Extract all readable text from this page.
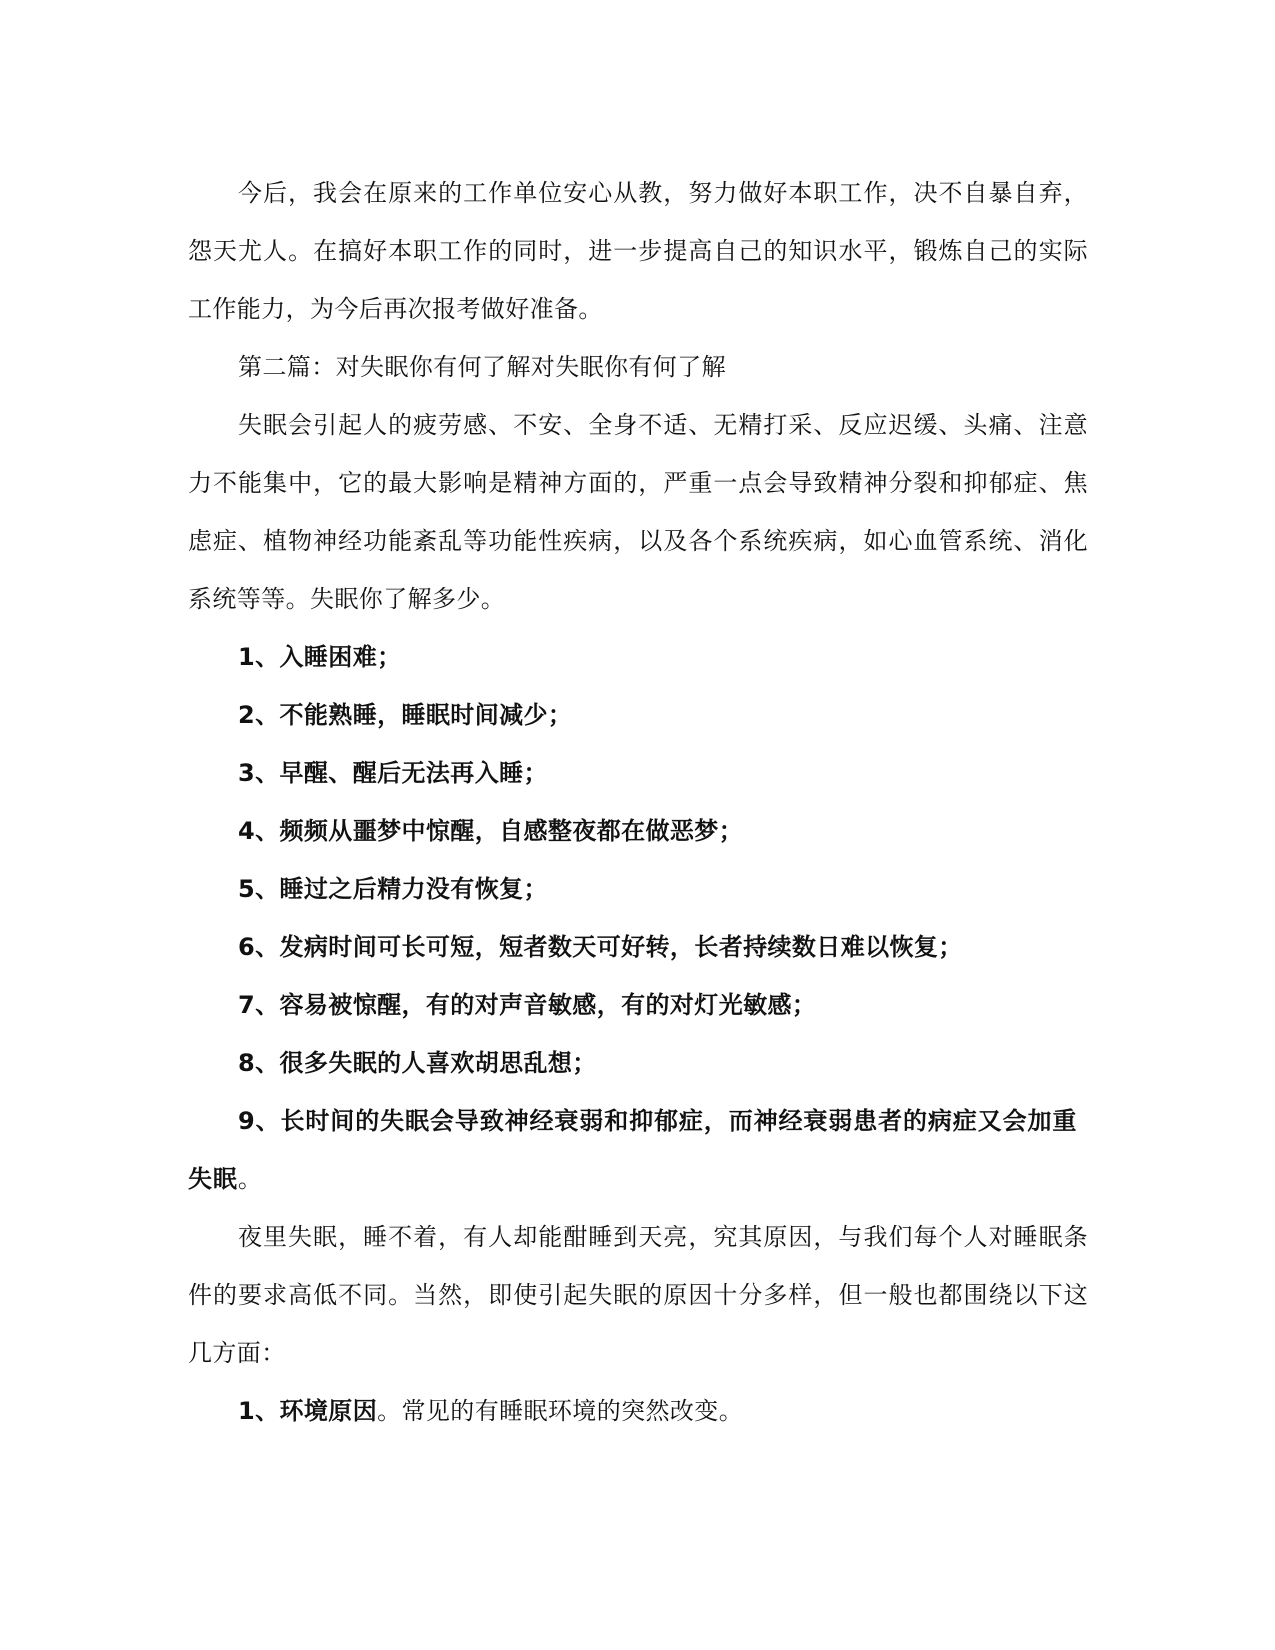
今后，我会在原来的工作单位安心从教，努力做好本职工作，决不自暴自弃，怨天尤人。在搞好本职工作的同时，进一步提高自己的知识水平，锻炼自己的实际工作能力，为今后再次报考做好准备。

第二篇：对失眠你有何了解对失眠你有何了解

失眠会引起人的疲劳感、不安、全身不适、无精打采、反应迟缓、头痛、注意力不能集中，它的最大影响是精神方面的，严重一点会导致精神分裂和抑郁症、焦虑症、植物神经功能紊乱等功能性疾病，以及各个系统疾病，如心血管系统、消化系统等等。失眠你了解多少。

1、入睡困难；

2、不能熟睡，睡眠时间减少；

3、早醒、醒后无法再入睡；

4、频频从噩梦中惊醒，自感整夜都在做恶梦；

5、睡过之后精力没有恢复；

6、发病时间可长可短，短者数天可好转，长者持续数日难以恢复；

7、容易被惊醒，有的对声音敏感，有的对灯光敏感；

8、很多失眠的人喜欢胡思乱想；

9、长时间的失眠会导致神经衰弱和抑郁症，而神经衰弱患者的病症又会加重失眠。

夜里失眠，睡不着，有人却能酣睡到天亮，究其原因，与我们每个人对睡眠条件的要求高低不同。当然，即使引起失眠的原因十分多样，但一般也都围绕以下这几方面：

1、环境原因。常见的有睡眠环境的突然改变。
